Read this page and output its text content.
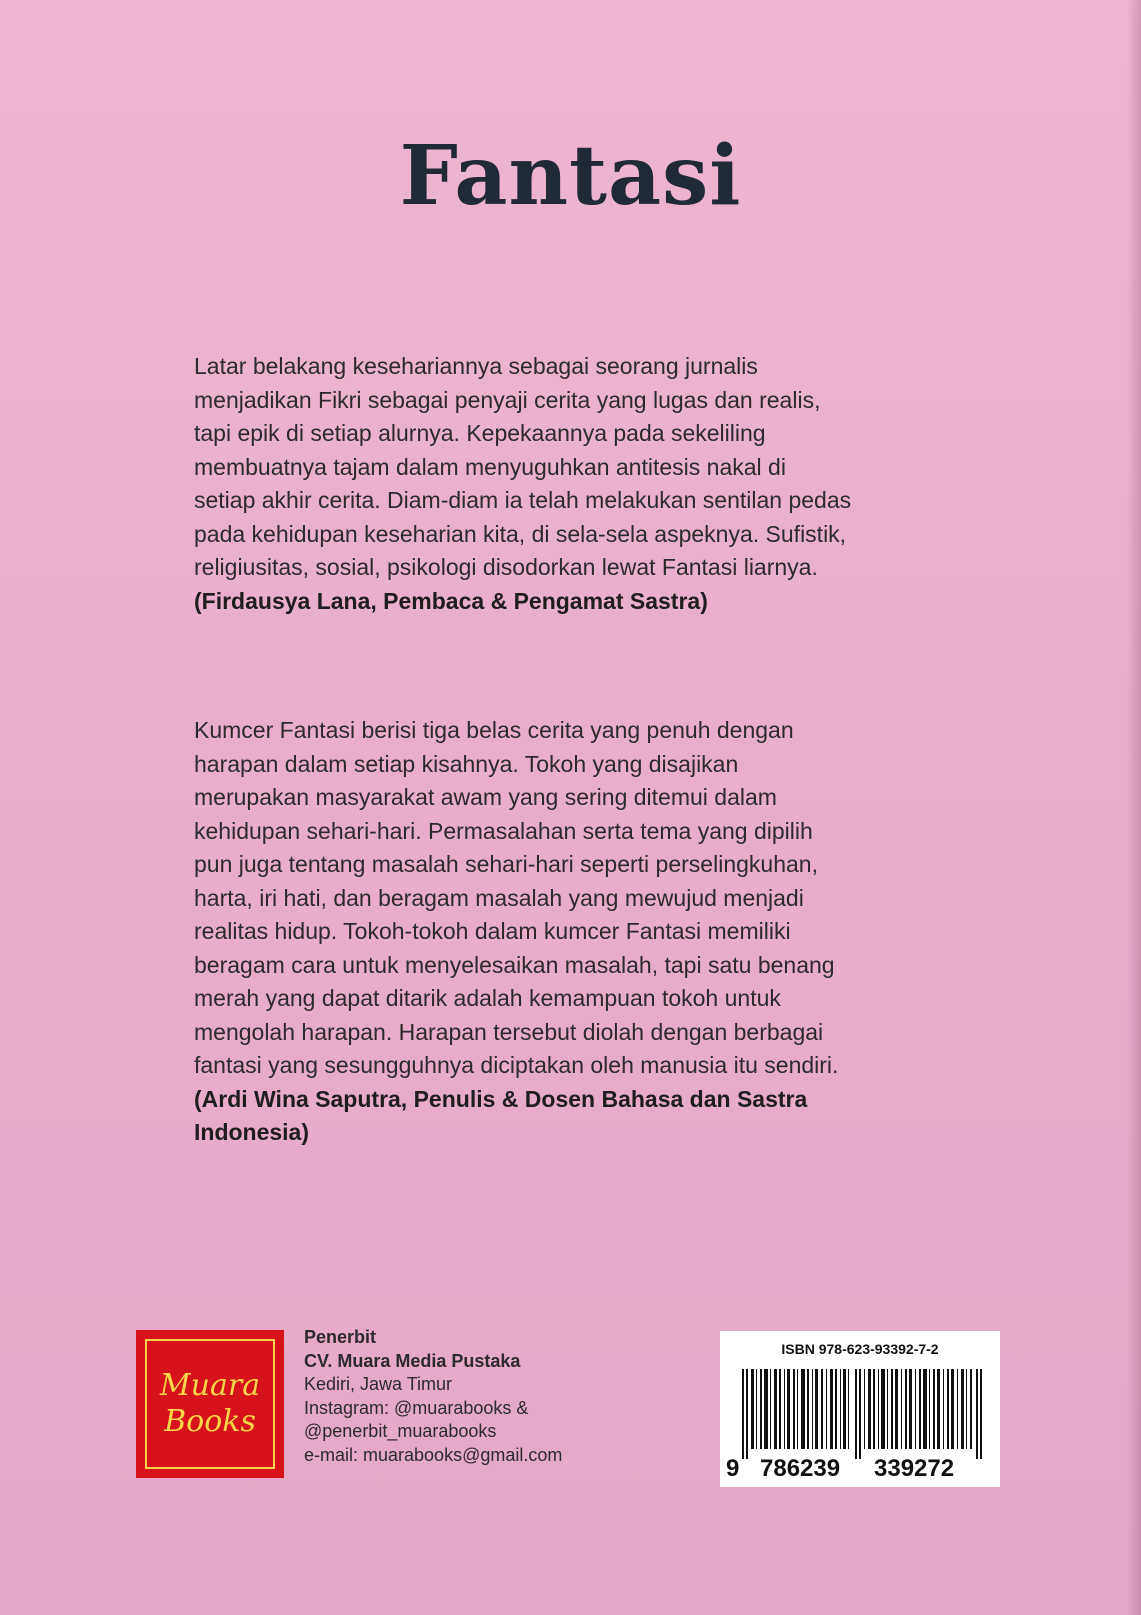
Fantasi
Latar belakang kesehariannya sebagai seorang jurnalis
menjadikan Fikri sebagai penyaji cerita yang lugas dan realis,
tapi epik di setiap alurnya. Kepekaannya pada sekeliling
membuatnya tajam dalam menyuguhkan antitesis nakal di
setiap akhir cerita. Diam-diam ia telah melakukan sentilan pedas
pada kehidupan keseharian kita, di sela-sela aspeknya. Sufistik,
religiusitas, sosial, psikologi disodorkan lewat Fantasi liarnya.
(Firdausya Lana, Pembaca & Pengamat Sastra)
Kumcer Fantasi berisi tiga belas cerita yang penuh dengan
harapan dalam setiap kisahnya. Tokoh yang disajikan
merupakan masyarakat awam yang sering ditemui dalam
kehidupan sehari-hari. Permasalahan serta tema yang dipilih
pun juga tentang masalah sehari-hari seperti perselingkuhan,
harta, iri hati, dan beragam masalah yang mewujud menjadi
realitas hidup. Tokoh-tokoh dalam kumcer Fantasi memiliki
beragam cara untuk menyelesaikan masalah, tapi satu benang
merah yang dapat ditarik adalah kemampuan tokoh untuk
mengolah harapan. Harapan tersebut diolah dengan berbagai
fantasi yang sesungguhnya diciptakan oleh manusia itu sendiri.
(Ardi Wina Saputra, Penulis & Dosen Bahasa dan Sastra
Indonesia)
Muara
Books
Penerbit
CV. Muara Media Pustaka
Kediri, Jawa Timur
Instagram: @muarabooks &
@penerbit_muarabooks
e-mail: muarabooks@gmail.com
ISBN 978-623-93392-7-2
9 786239 339272
